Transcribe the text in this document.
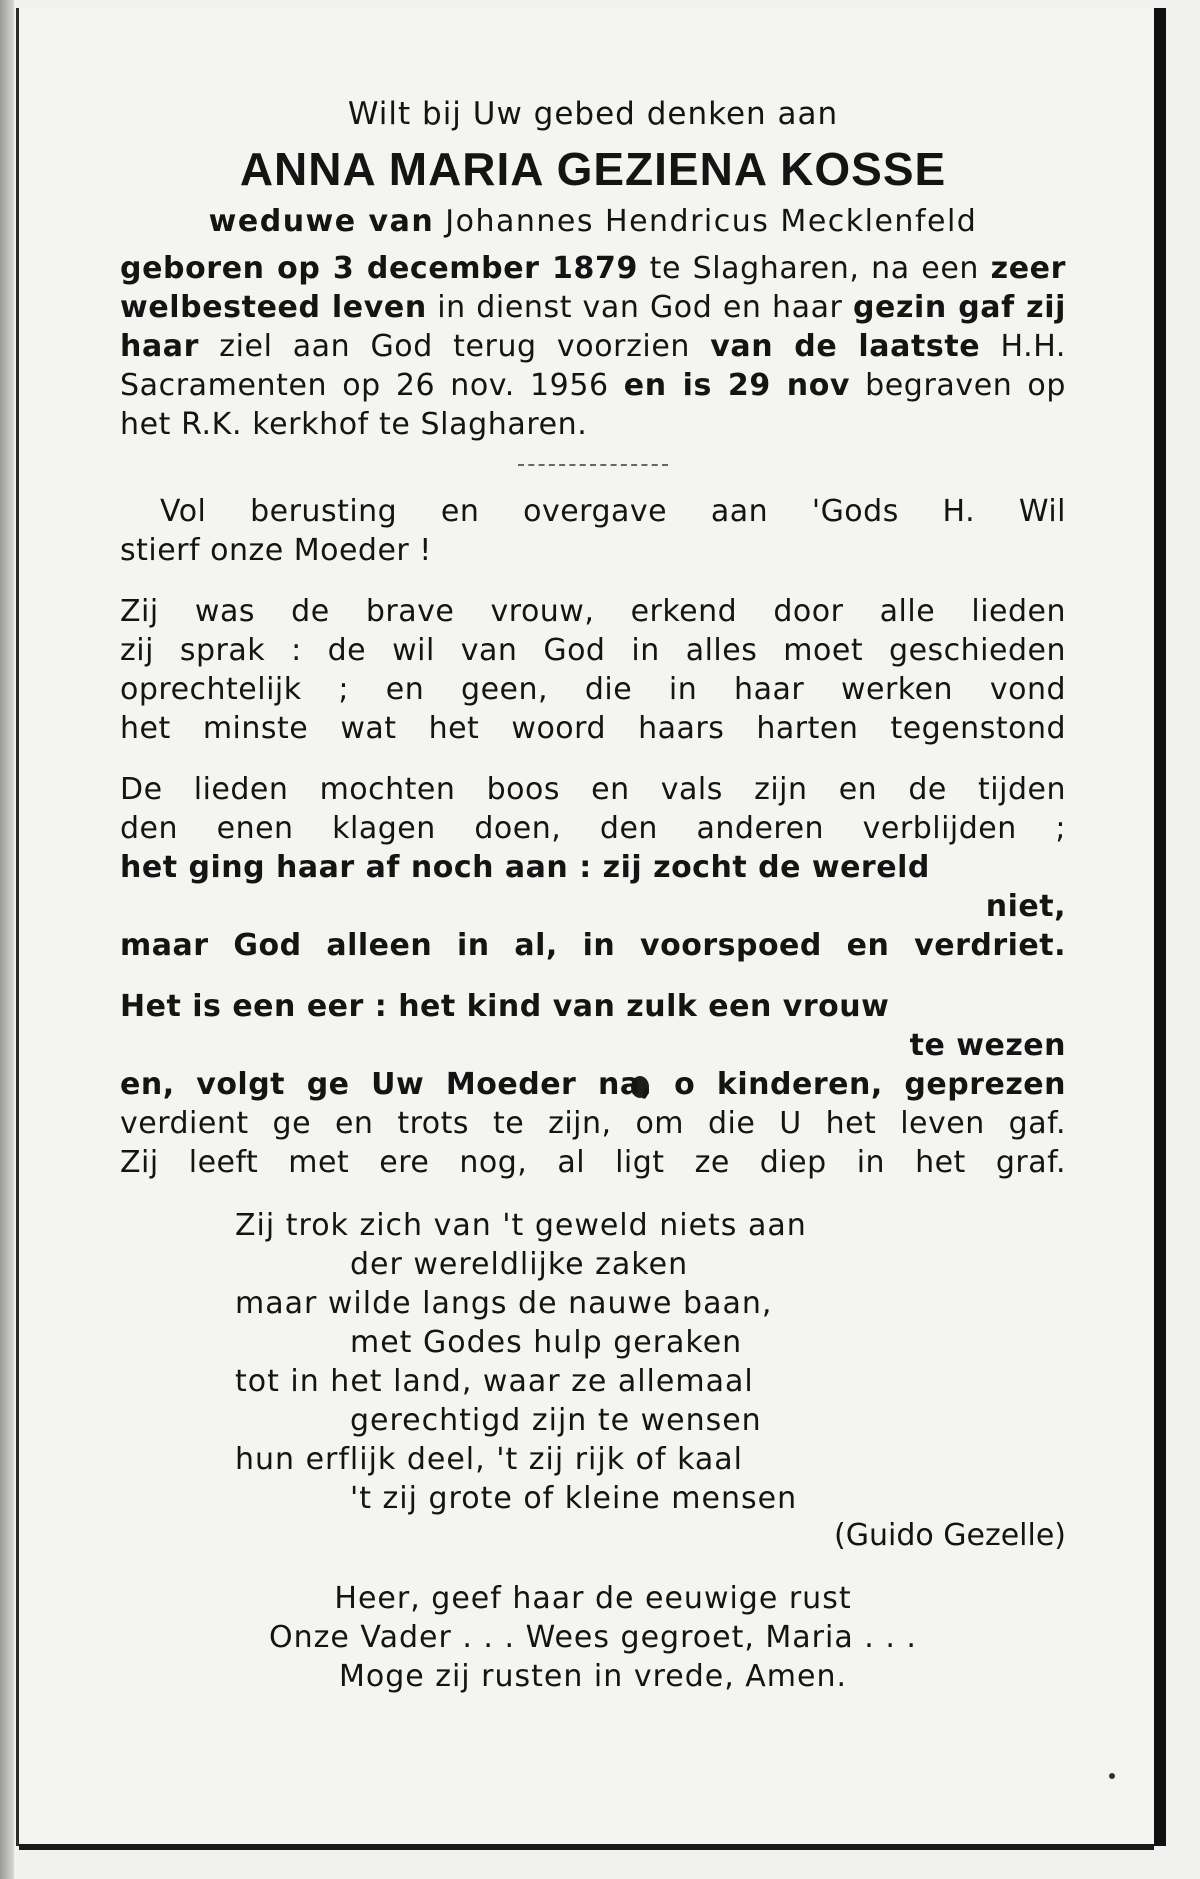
Wilt bij Uw gebed denken aan
ANNA MARIA GEZIENA KOSSE
weduwe van Johannes Hendricus Mecklenfeld
geboren op 3 december 1879 te Slagharen, na een zeer welbesteed leven in dienst van God en haar gezin gaf zij haar ziel aan God terug voorzien van de laatste H.H. Sacramenten op 26 nov. 1956 en is 29 nov begraven op het R.K. kerkhof te Slagharen.
Vol berusting en overgave aan 'Gods H. Wil
stierf onze Moeder !
Zij was de brave vrouw, erkend door alle lieden
zij sprak : de wil van God in alles moet geschieden
oprechtelijk ; en geen, die in haar werken vond
het minste wat het woord haars harten tegenstond
De lieden mochten boos en vals zijn en de tijden
den enen klagen doen, den anderen verblijden ;
het ging haar af noch aan : zij zocht de wereld
niet,
maar God alleen in al, in voorspoed en verdriet.
Het is een eer : het kind van zulk een vrouw
te wezen
en, volgt ge Uw Moeder na, o kinderen, geprezen
verdient ge en trots te zijn, om die U het leven gaf.
Zij leeft met ere nog, al ligt ze diep in het graf.
Zij trok zich van 't geweld niets aan
der wereldlijke zaken
maar wilde langs de nauwe baan,
met Godes hulp geraken
tot in het land, waar ze allemaal
gerechtigd zijn te wensen
hun erflijk deel, 't zij rijk of kaal
't zij grote of kleine mensen
(Guido Gezelle)
Heer, geef haar de eeuwige rust
Onze Vader . . . Wees gegroet, Maria . . .
Moge zij rusten in vrede, Amen.
